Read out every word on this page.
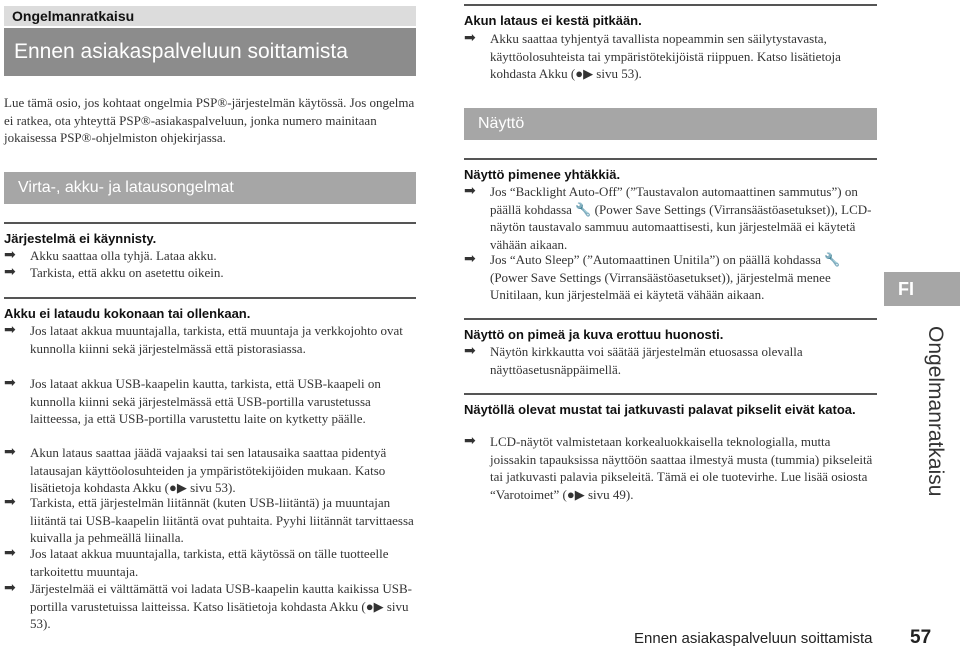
Ongelmanratkaisu
Ennen asiakaspalveluun soittamista

Lue tämä osio, jos kohtaat ongelmia PSP®-järjestelmän käytössä. Jos ongelma ei ratkea, ota yhteyttä PSP®-asiakaspalveluun, jonka numero mainitaan jokaisessa PSP®-ohjelmiston ohjekirjassa.

Virta-, akku- ja latausongelmat
Järjestelmä ei käynnisty.
➡ Akku saattaa olla tyhjä. Lataa akku.
➡ Tarkista, että akku on asetettu oikein.
Akku ei lataudu kokonaan tai ollenkaan.
➡ Jos lataat akkua muuntajalla, tarkista, että muuntaja ja verkkojohto ovat kunnolla kiinni sekä järjestelmässä että pistorasiassa.
➡ Jos lataat akkua USB-kaapelin kautta, tarkista, että USB-kaapeli on kunnolla kiinni sekä järjestelmässä että USB-portilla varustetussa laitteessa, ja että USB-portilla varustettu laite on kytketty päälle.
➡ Akun lataus saattaa jäädä vajaaksi tai sen latausaika saattaa pidentyä latausajan käyttöolosuhteiden ja ympäristötekijöiden mukaan. Katso lisätietoja kohdasta Akku (●▶ sivu 53).
➡ Tarkista, että järjestelmän liitännät (kuten USB-liitäntä) ja muuntajan liitäntä tai USB-kaapelin liitäntä ovat puhtaita. Pyyhi liitännät tarvittaessa kuivalla ja pehmeällä liinalla.
➡ Jos lataat akkua muuntajalla, tarkista, että käytössä on tälle tuotteelle tarkoitettu muuntaja.
➡ Järjestelmää ei välttämättä voi ladata USB-kaapelin kautta kaikissa USB-portilla varustetuissa laitteissa. Katso lisätietoja kohdasta Akku (●▶ sivu 53).
Akun lataus ei kestä pitkään.
➡ Akku saattaa tyhjentyä tavallista nopeammin sen säilytystavasta, käyttöolosuhteista tai ympäristötekijöistä riippuen. Katso lisätietoja kohdasta Akku (●▶ sivu 53).
Näyttö
Näyttö pimenee yhtäkkiä.
➡ Jos “Backlight Auto-Off” (”Taustavalon automaattinen sammutus”) on päällä kohdassa 🔧 (Power Save Settings (Virransäästöasetukset)), LCD-näytön taustavalo sammuu automaattisesti, kun järjestelmää ei käytetä vähään aikaan.
➡ Jos “Auto Sleep” (”Automaattinen Unitila”) on päällä kohdassa 🔧 (Power Save Settings (Virransäästöasetukset)), järjestelmä menee Unitilaan, kun järjestelmää ei käytetä vähään aikaan.
Näyttö on pimeä ja kuva erottuu huonosti.
➡ Näytön kirkkautta voi säätää järjestelmän etuosassa olevalla näyttöasetusnäppäimellä.
Näytöllä olevat mustat tai jatkuvasti palavat pikselit eivät katoa.
➡ LCD-näytöt valmistetaan korkealuokkaisella teknologialla, mutta joissakin tapauksissa näyttöön saattaa ilmestyä musta (tummia) pikseleitä tai jatkuvasti palavia pikseleitä. Tämä ei ole tuotevirhe. Lue lisää osiosta “Varotoimet” (●▶ sivu 49).
FI
Ongelmanratkaisu
Ennen asiakaspalveluun soittamista 57
